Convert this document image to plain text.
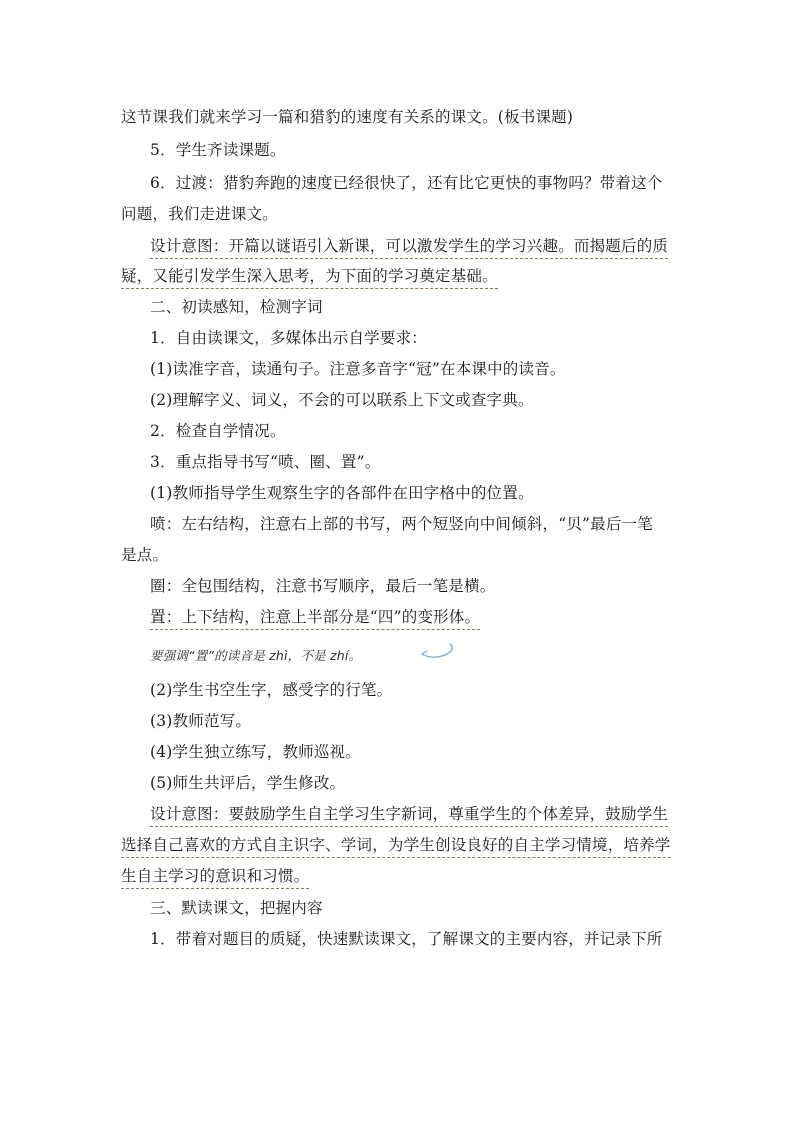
这节课我们就来学习一篇和猎豹的速度有关系的课文。(板书课题)
5．学生齐读课题。
6．过渡：猎豹奔跑的速度已经很快了，还有比它更快的事物吗？带着这个
问题，我们走进课文。
设计意图：开篇以谜语引入新课，可以激发学生的学习兴趣。而揭题后的质
疑，又能引发学生深入思考，为下面的学习奠定基础。
二、初读感知，检测字词
1．自由读课文，多媒体出示自学要求：
(1)读准字音，读通句子。注意多音字“冠”在本课中的读音。
(2)理解字义、词义，不会的可以联系上下文或查字典。
2．检查自学情况。
3．重点指导书写“喷、圈、置”。
(1)教师指导学生观察生字的各部件在田字格中的位置。
喷：左右结构，注意右上部的书写，两个短竖向中间倾斜，“贝”最后一笔
是点。
圈：全包围结构，注意书写顺序，最后一笔是横。
置：上下结构，注意上半部分是“四”的变形体。
要强调“置”的读音是 zhì，不是 zhí。
(2)学生书空生字，感受字的行笔。
(3)教师范写。
(4)学生独立练写，教师巡视。
(5)师生共评后，学生修改。
设计意图：要鼓励学生自主学习生字新词，尊重学生的个体差异，鼓励学生
选择自己喜欢的方式自主识字、学词，为学生创设良好的自主学习情境，培养学
生自主学习的意识和习惯。
三、默读课文，把握内容
1．带着对题目的质疑，快速默读课文，了解课文的主要内容，并记录下所
